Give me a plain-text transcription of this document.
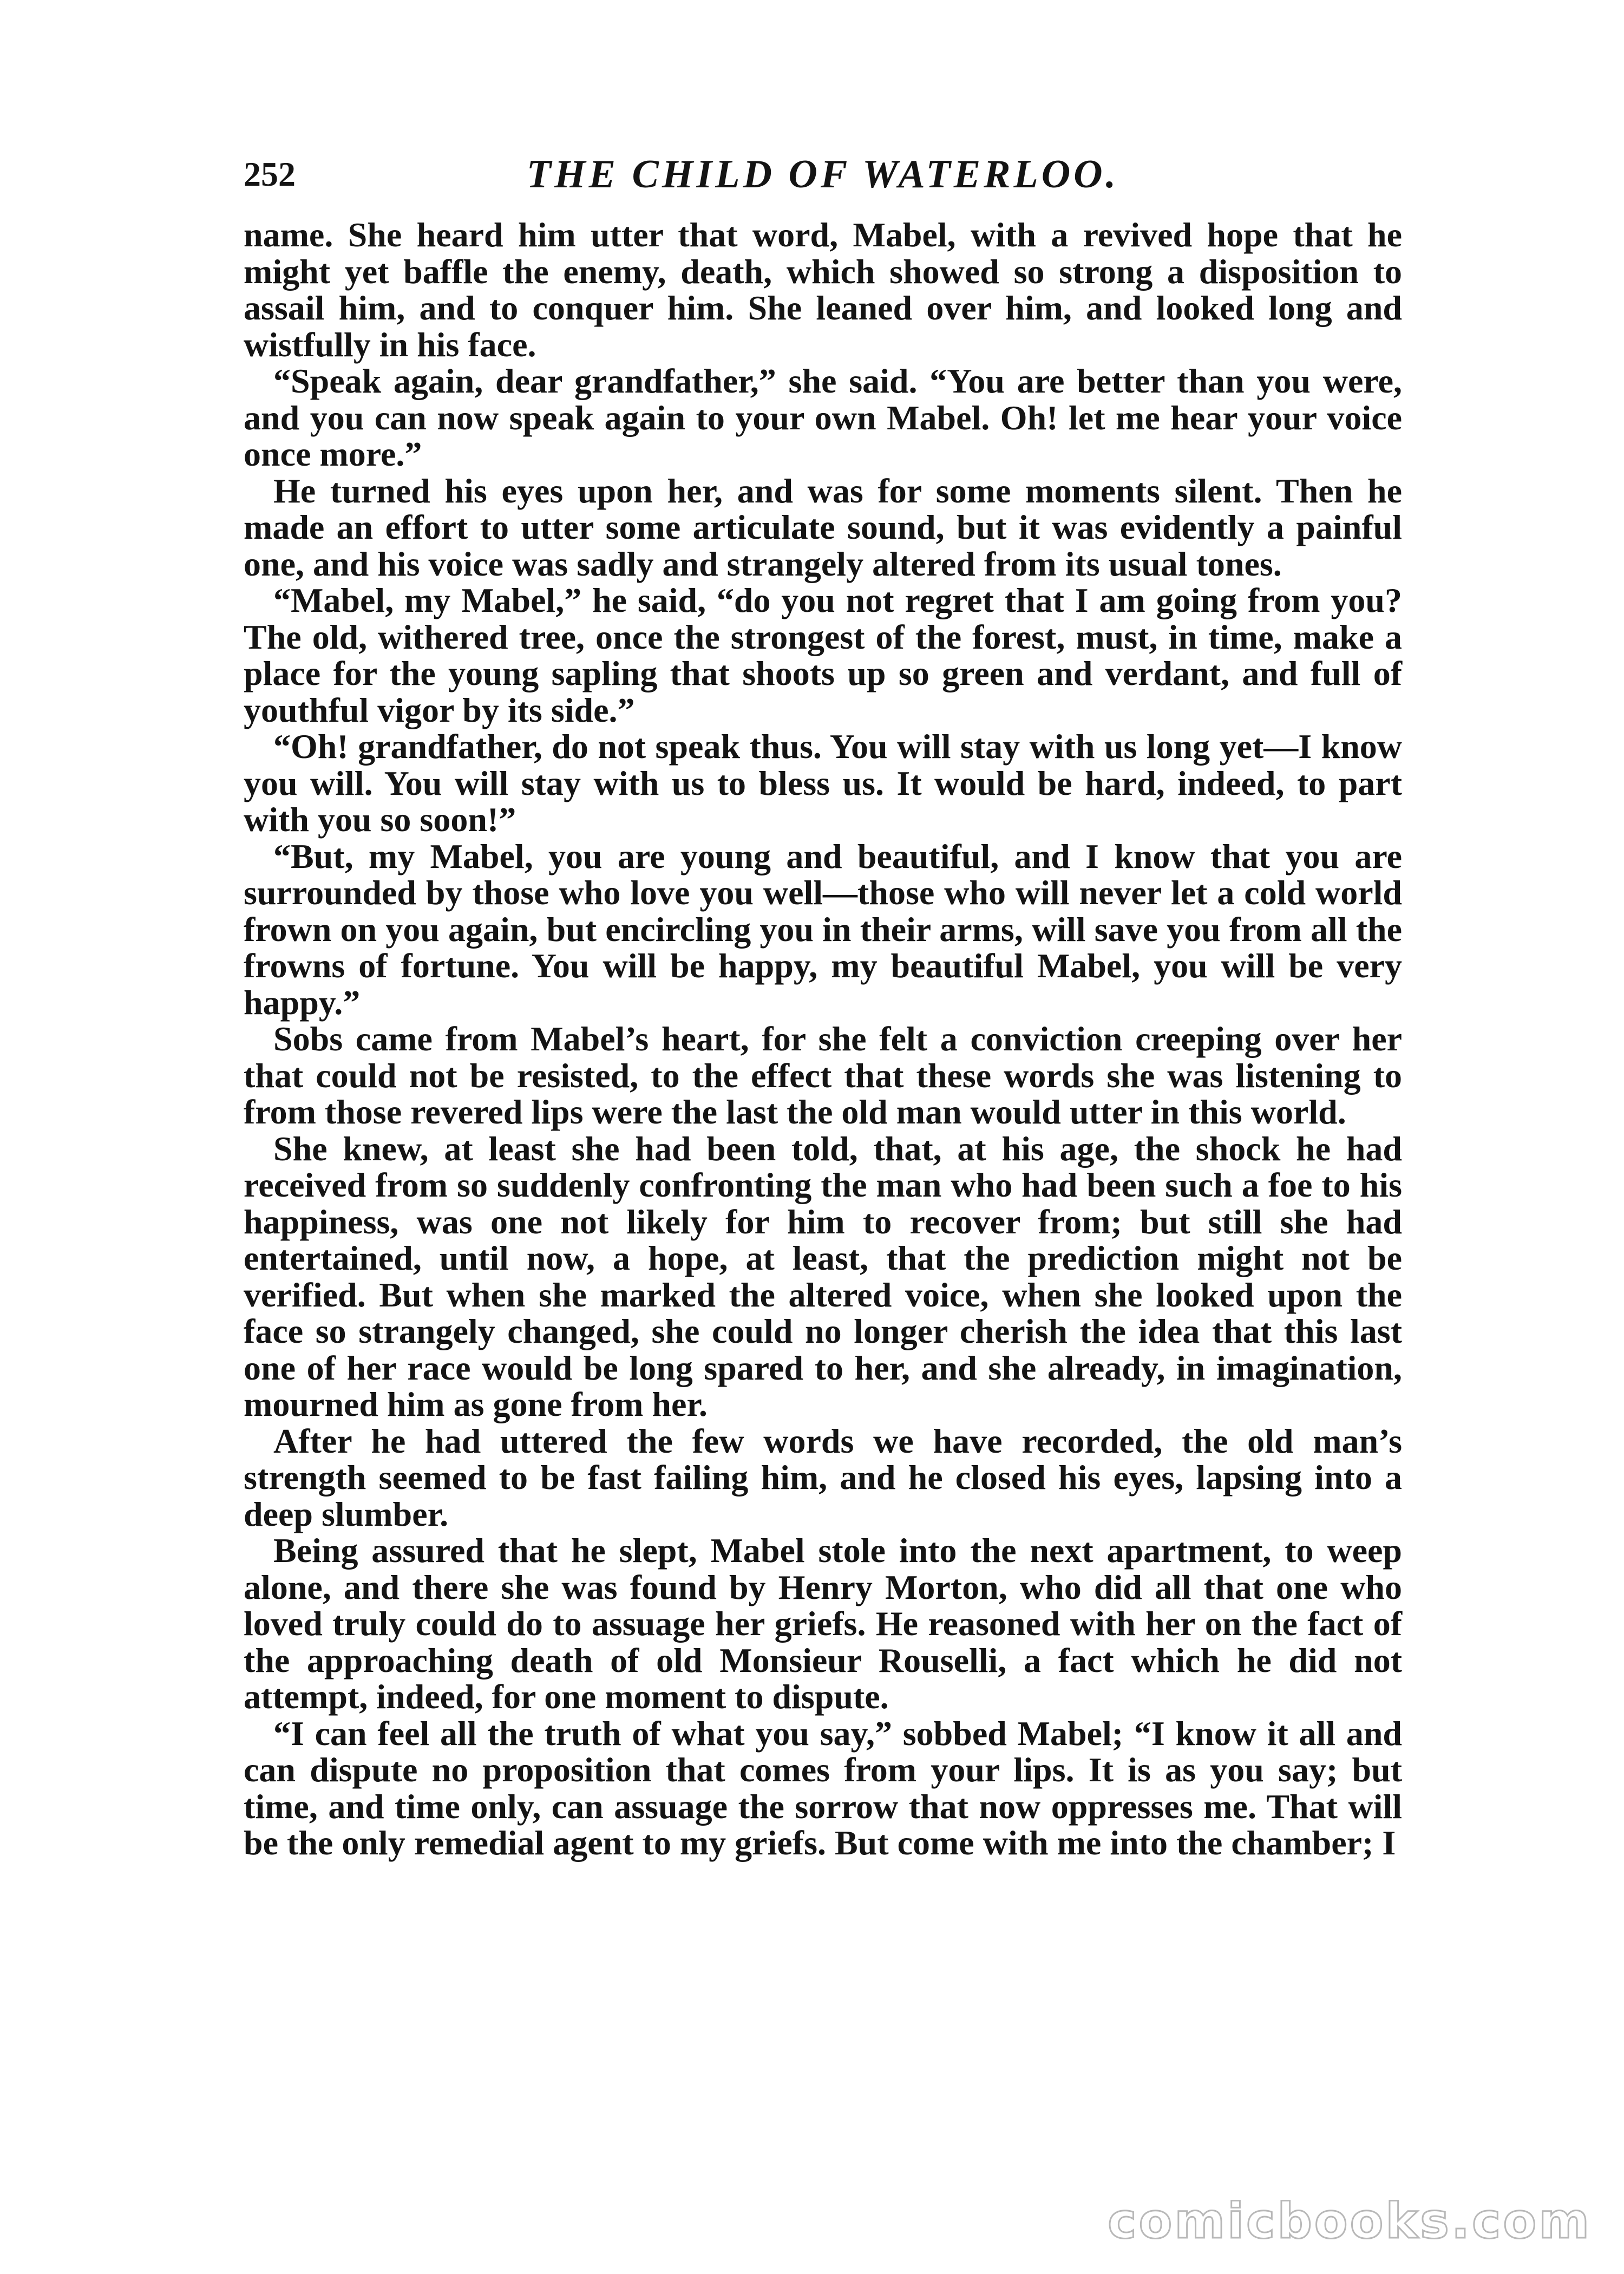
252	THE CHILD OF WATERLOO.

name. She heard him utter that word, Mabel, with a revived hope that he might yet baffle the enemy, death, which showed so strong a disposition to assail him, and to conquer him. She leaned over him, and looked long and wistfully in his face.

“Speak again, dear grandfather,” she said. “You are better than you were, and you can now speak again to your own Mabel. Oh! let me hear your voice once more.”

He turned his eyes upon her, and was for some moments silent. Then he made an effort to utter some articulate sound, but it was evidently a painful one, and his voice was sadly and strangely altered from its usual tones.

“Mabel, my Mabel,” he said, “do you not regret that I am going from you? The old, withered tree, once the strongest of the forest, must, in time, make a place for the young sapling that shoots up so green and verdant, and full of youthful vigor by its side.”

“Oh! grandfather, do not speak thus. You will stay with us long yet—I know you will. You will stay with us to bless us. It would be hard, indeed, to part with you so soon!”

“But, my Mabel, you are young and beautiful, and I know that you are surrounded by those who love you well—those who will never let a cold world frown on you again, but encircling you in their arms, will save you from all the frowns of fortune. You will be happy, my beautiful Mabel, you will be very happy.”

Sobs came from Mabel’s heart, for she felt a conviction creeping over her that could not be resisted, to the effect that these words she was listening to from those revered lips were the last the old man would utter in this world.

She knew, at least she had been told, that, at his age, the shock he had received from so suddenly confronting the man who had been such a foe to his happiness, was one not likely for him to recover from; but still she had entertained, until now, a hope, at least, that the prediction might not be verified. But when she marked the altered voice, when she looked upon the face so strangely changed, she could no longer cherish the idea that this last one of her race would be long spared to her, and she already, in imagination, mourned him as gone from her.

After he had uttered the few words we have recorded, the old man’s strength seemed to be fast failing him, and he closed his eyes, lapsing into a deep slumber.

Being assured that he slept, Mabel stole into the next apartment, to weep alone, and there she was found by Henry Morton, who did all that one who loved truly could do to assuage her griefs. He reasoned with her on the fact of the approaching death of old Monsieur Rouselli, a fact which he did not attempt, indeed, for one moment to dispute.

“I can feel all the truth of what you say,” sobbed Mabel; “I know it all and can dispute no proposition that comes from your lips. It is as you say; but time, and time only, can assuage the sorrow that now oppresses me. That will be the only remedial agent to my griefs. But come with me into the chamber; I

comicbooks.com
